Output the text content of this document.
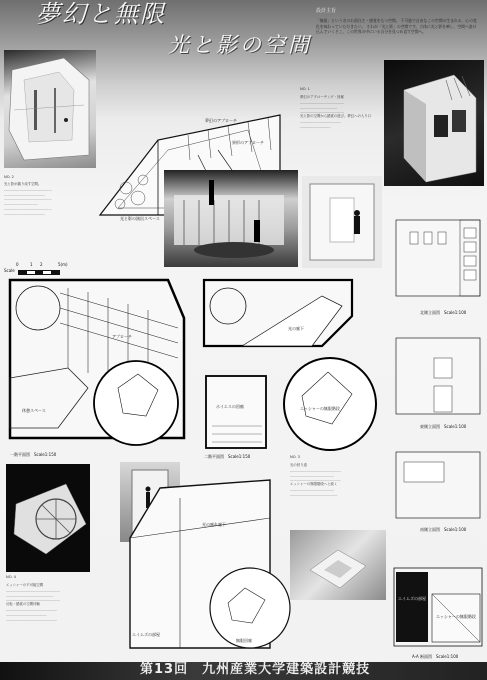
夢幻と無限
光と影の空間
設計主旨
「無限」という名のお面白さ・感覚をもつ空間。 不可能で自由なこの空間の生まれる、心の変化を味わっていただきたい。 それが「光と影」の空間です。立体に光と影を映し、空間へ溶け込んでいくそこ、この世界の中にいる自分を見つめ直す空間へ。
NO. 2
光と影が織り成す空間。
＿＿＿＿＿＿＿＿＿＿＿＿＿＿
＿＿＿＿＿＿＿＿＿＿＿＿
＿＿＿＿＿＿＿＿＿＿＿＿＿＿
＿＿＿＿＿＿＿＿＿＿
＿＿＿＿＿＿＿＿＿＿＿＿＿＿
＿＿＿＿＿＿＿＿＿＿＿＿
夢幻のアプローチ
異形のアプローチ
光と影の演出スペース
NO. 1
夢幻のアプローチング・回廊
＿＿＿＿＿＿＿＿＿＿＿＿＿
＿＿＿＿＿＿＿＿＿＿＿
＿＿＿＿＿＿＿＿＿＿＿＿＿
光と影の空間から錯覚の遊び、夢幻への入り口
＿＿＿＿＿＿＿＿＿＿＿＿
＿＿＿＿＿＿＿＿＿
北側立面図　Scale1:100
東側立面図　Scale1:100
南側立面図　Scale1:100
Scale
0	1 2	5(m)
アプローチ
休憩スペース
一階平面図　Scale1:150
光の廊下
ホイエスの回廊	エッシャーの無限階段
二階平面図　Scale1:150	NO. 3
光の回り道
＿＿＿＿＿＿＿＿＿＿＿＿＿＿＿
＿＿＿＿＿＿＿＿＿＿＿＿＿
＿＿＿＿＿＿＿＿＿＿＿＿＿＿＿
エッシャーの無限階段へと続く
＿＿＿＿＿＿＿＿＿＿＿＿＿
＿＿＿＿＿＿＿＿＿＿＿＿＿＿
NO. 4
エッシャーの不可能空間
＿＿＿＿＿＿＿＿＿＿＿＿＿＿＿＿
＿＿＿＿＿＿＿＿＿＿＿＿＿＿
＿＿＿＿＿＿＿＿＿＿＿＿＿＿＿＿
反転・錯覚の空間体験
＿＿＿＿＿＿＿＿＿＿＿＿＿＿＿
＿＿＿＿＿＿＿＿＿＿＿＿
＿＿＿＿＿＿＿＿＿＿＿＿＿＿＿
光の廊れ廊下
エイムズの部屋
無限回廊
エイムズの部屋
エッシャーの無限階段
A-A 断面図　Scale1:100
第13回　九州産業大学建築設計競技
